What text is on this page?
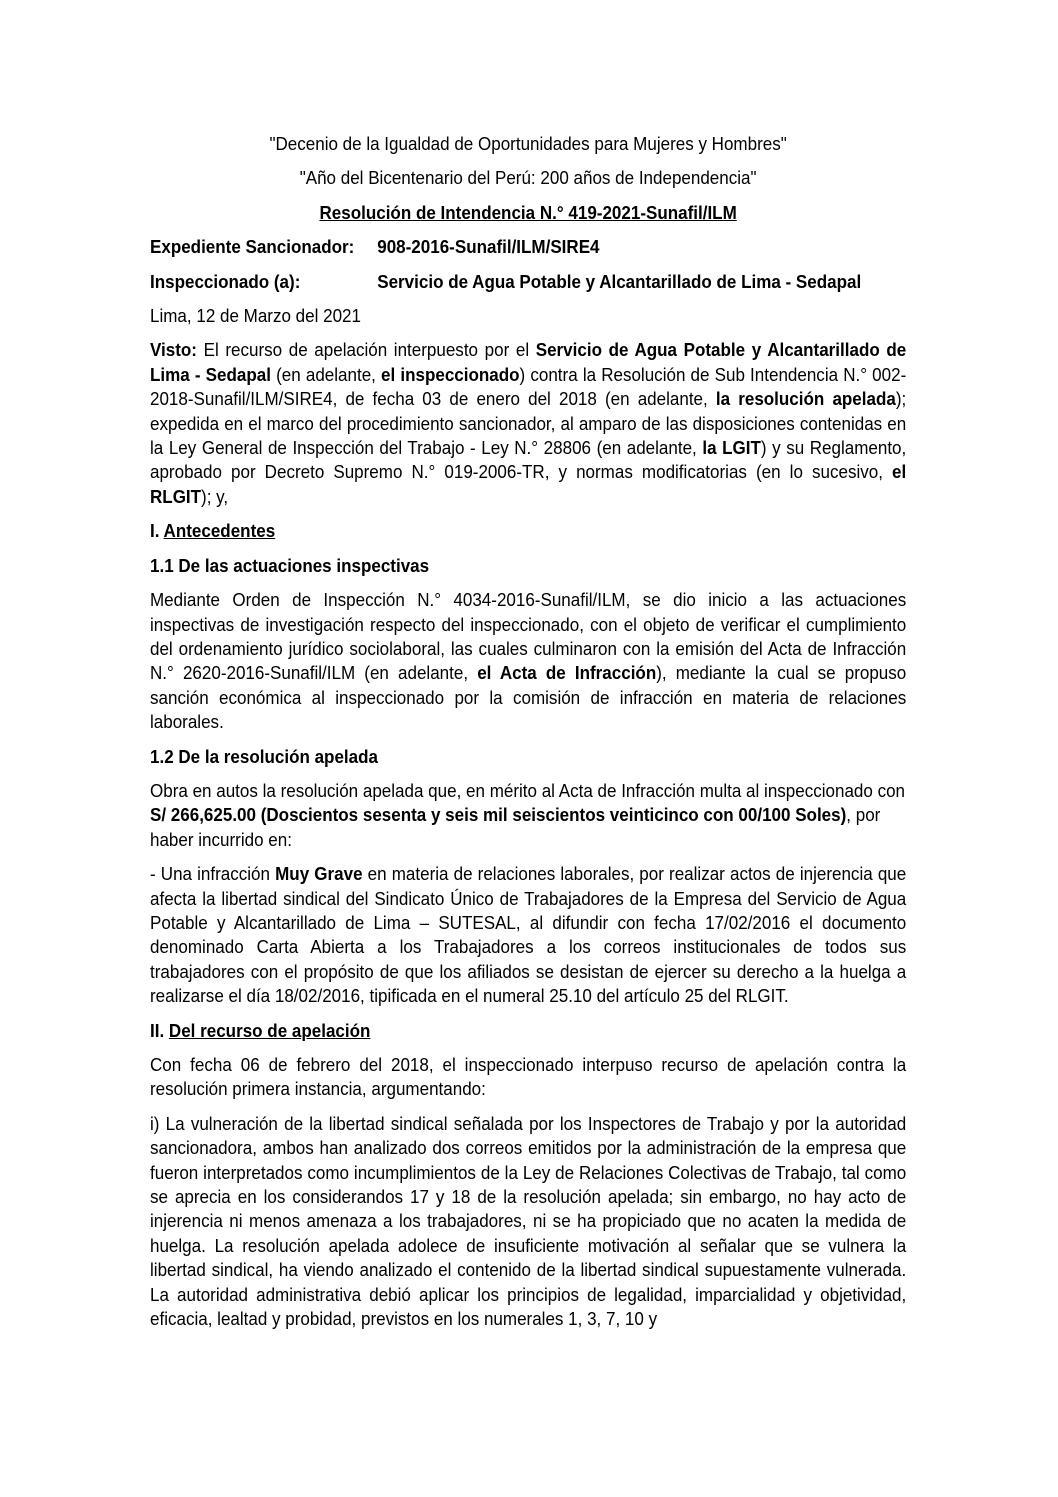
"Decenio de la Igualdad de Oportunidades para Mujeres y Hombres"

"Año del Bicentenario del Perú: 200 años de Independencia"

Resolución de Intendencia N.° 419-2021-Sunafil/ILM

Expediente Sancionador:	908-2016-Sunafil/ILM/SIRE4
Inspeccionado (a):	Servicio de Agua Potable y Alcantarillado de Lima - Sedapal

Lima, 12 de Marzo del 2021

Visto: El recurso de apelación interpuesto por el Servicio de Agua Potable y Alcantarillado de Lima - Sedapal (en adelante, el inspeccionado) contra la Resolución de Sub Intendencia N.° 002-2018-Sunafil/ILM/SIRE4, de fecha 03 de enero del 2018 (en adelante, la resolución apelada); expedida en el marco del procedimiento sancionador, al amparo de las disposiciones contenidas en la Ley General de Inspección del Trabajo - Ley N.° 28806 (en adelante, la LGIT) y su Reglamento, aprobado por Decreto Supremo N.° 019-2006-TR, y normas modificatorias (en lo sucesivo, el RLGIT); y,

I. Antecedentes

1.1 De las actuaciones inspectivas

Mediante Orden de Inspección N.° 4034-2016-Sunafil/ILM, se dio inicio a las actuaciones inspectivas de investigación respecto del inspeccionado, con el objeto de verificar el cumplimiento del ordenamiento jurídico sociolaboral, las cuales culminaron con la emisión del Acta de Infracción N.° 2620-2016-Sunafil/ILM (en adelante, el Acta de Infracción), mediante la cual se propuso sanción económica al inspeccionado por la comisión de infracción en materia de relaciones laborales.

1.2 De la resolución apelada

Obra en autos la resolución apelada que, en mérito al Acta de Infracción multa al inspeccionado con S/ 266,625.00 (Doscientos sesenta y seis mil seiscientos veinticinco con 00/100 Soles), por haber incurrido en:

- Una infracción Muy Grave en materia de relaciones laborales, por realizar actos de injerencia que afecta la libertad sindical del Sindicato Único de Trabajadores de la Empresa del Servicio de Agua Potable y Alcantarillado de Lima – SUTESAL, al difundir con fecha 17/02/2016 el documento denominado Carta Abierta a los Trabajadores a los correos institucionales de todos sus trabajadores con el propósito de que los afiliados se desistan de ejercer su derecho a la huelga a realizarse el día 18/02/2016, tipificada en el numeral 25.10 del artículo 25 del RLGIT.

II. Del recurso de apelación

Con fecha 06 de febrero del 2018, el inspeccionado interpuso recurso de apelación contra la resolución primera instancia, argumentando:

i) La vulneración de la libertad sindical señalada por los Inspectores de Trabajo y por la autoridad sancionadora, ambos han analizado dos correos emitidos por la administración de la empresa que fueron interpretados como incumplimientos de la Ley de Relaciones Colectivas de Trabajo, tal como se aprecia en los considerandos 17 y 18 de la resolución apelada; sin embargo, no hay acto de injerencia ni menos amenaza a los trabajadores, ni se ha propiciado que no acaten la medida de huelga. La resolución apelada adolece de insuficiente motivación al señalar que se vulnera la libertad sindical, ha viendo analizado el contenido de la libertad sindical supuestamente vulnerada. La autoridad administrativa debió aplicar los principios de legalidad, imparcialidad y objetividad, eficacia, lealtad y probidad, previstos en los numerales 1, 3, 7, 10 y
